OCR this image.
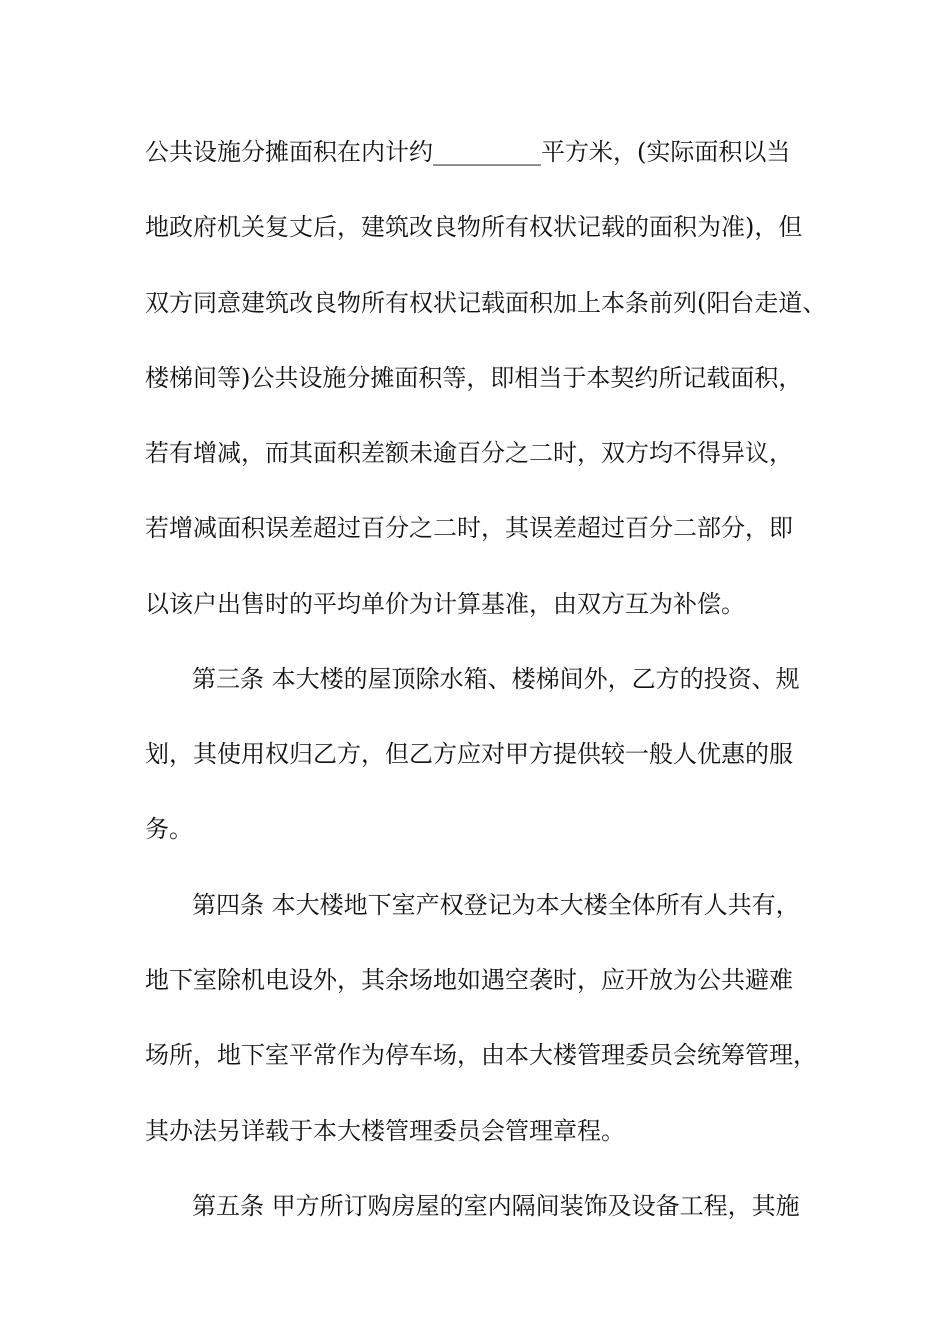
公共设施分摊面积在内计约_________平方米，(实际面积以当
地政府机关复丈后，建筑改良物所有权状记载的面积为准)，但
双方同意建筑改良物所有权状记载面积加上本条前列(阳台走道、
楼梯间等)公共设施分摊面积等，即相当于本契约所记载面积，
若有增减，而其面积差额未逾百分之二时，双方均不得异议，
若增减面积误差超过百分之二时，其误差超过百分二部分，即
以该户出售时的平均单价为计算基准，由双方互为补偿。
第三条 本大楼的屋顶除水箱、楼梯间外，乙方的投资、规
划，其使用权归乙方，但乙方应对甲方提供较一般人优惠的服
务。
第四条 本大楼地下室产权登记为本大楼全体所有人共有，
地下室除机电设外，其余场地如遇空袭时，应开放为公共避难
场所，地下室平常作为停车场，由本大楼管理委员会统筹管理，
其办法另详载于本大楼管理委员会管理章程。
第五条 甲方所订购房屋的室内隔间装饰及设备工程，其施
